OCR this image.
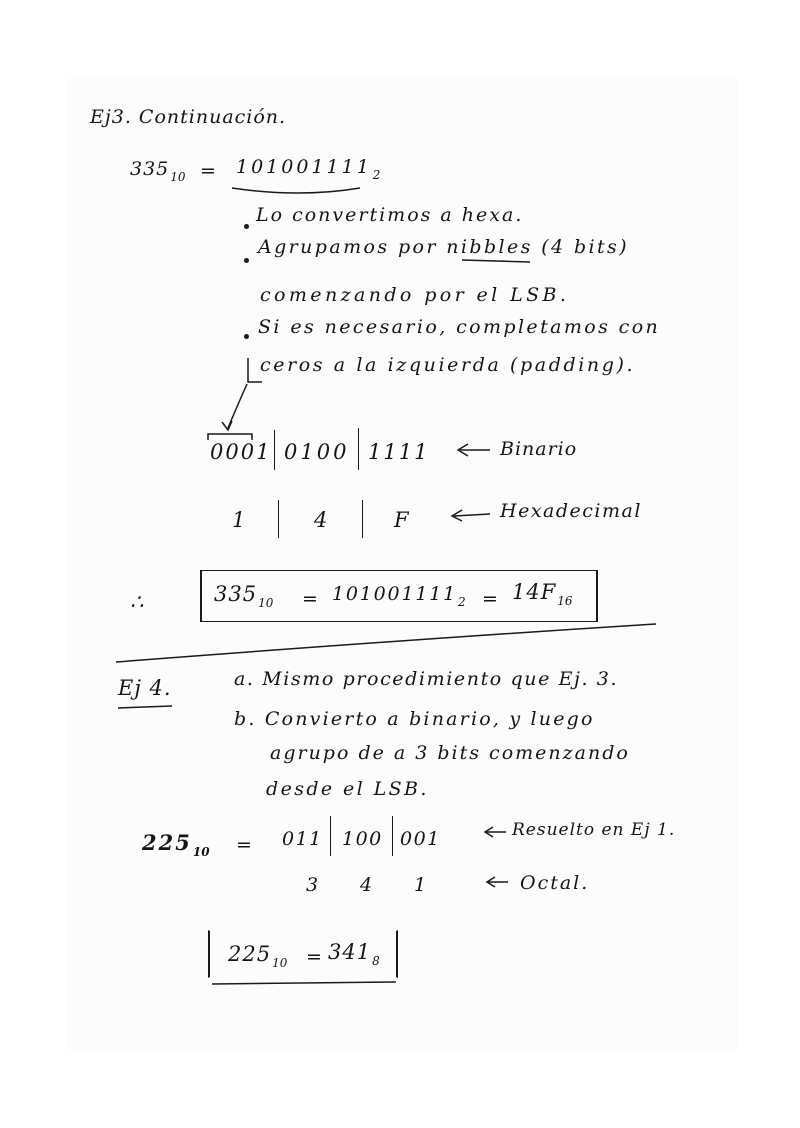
Ej3. Continuación.
$335_{10} = 101001111_2$
Lo convertimos a hexa.
Agrupamos por nibbles (4 bits)
comenzando por el LSB.
Si es necesario, completamos con
ceros a la izquierda (padding).
0001 0100 1111	Binario
1	4	F	Hexadecimal
∴	$335_{10} = 101001111_2 = 14F_{16}$
Ej 4.	a. Mismo procedimiento que Ej. 3.
b. Convierto a binario, y luego
agrupo de a 3 bits comenzando
desde el LSB.
$225_{10} = 011$ 100 001	Resuelto en Ej 1.
3 4 1	Octal.
$225_{10} = 341_8$
